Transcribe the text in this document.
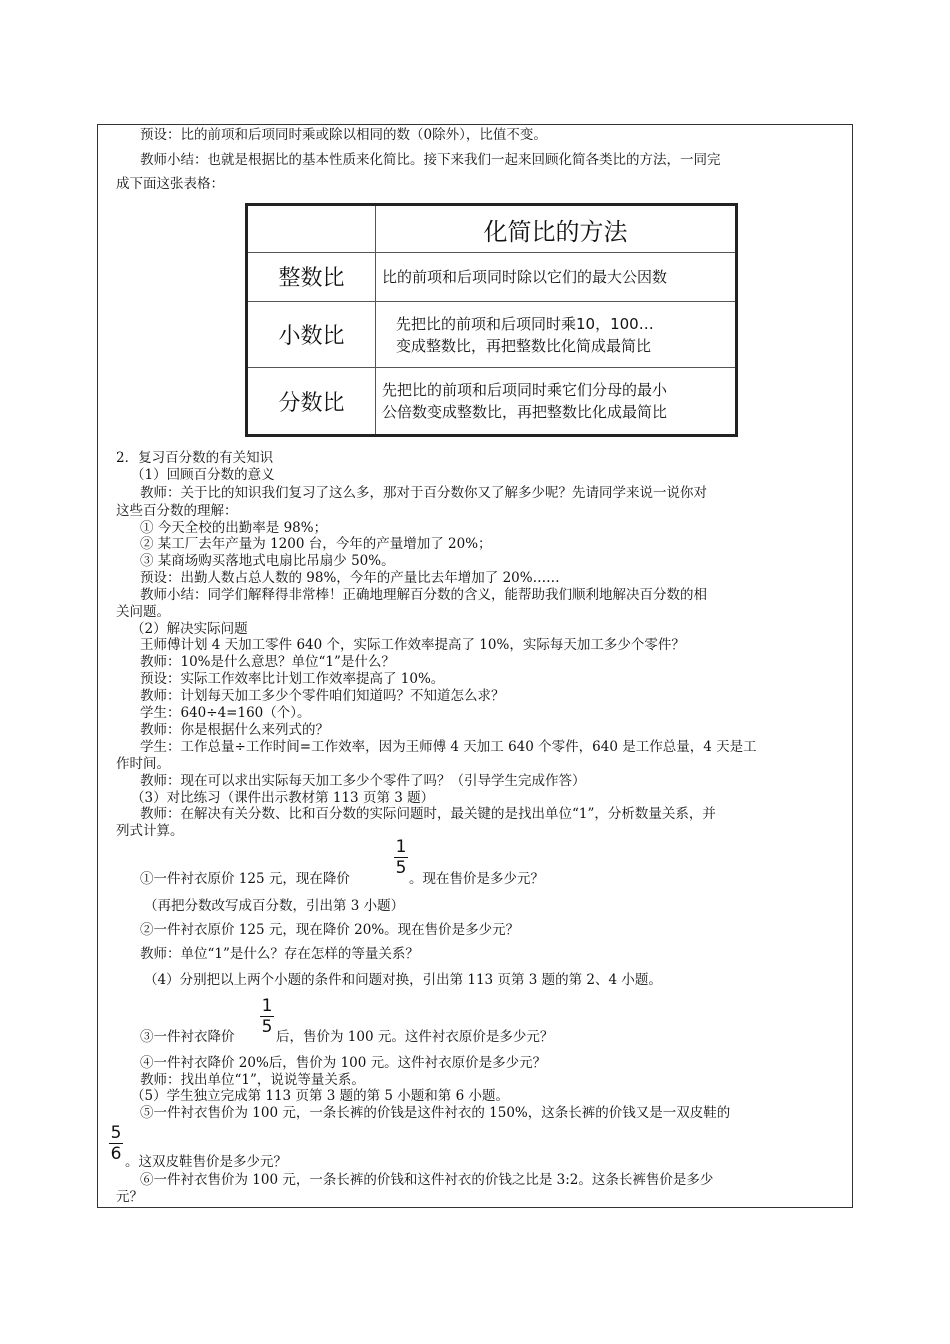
预设：比的前项和后项同时乘或除以相同的数（0除外），比值不变。
教师小结：也就是根据比的基本性质来化简比。接下来我们一起来回顾化简各类比的方法，一同完
成下面这张表格：
	化简比的方法
整数比	比的前项和后项同时除以它们的最大公因数
小数比	先把比的前项和后项同时乘10，100…
变成整数比，再把整数比化简成最简比
分数比	先把比的前项和后项同时乘它们分母的最小
公倍数变成整数比，再把整数比化成最简比
2．复习百分数的有关知识
（1）回顾百分数的意义
教师：关于比的知识我们复习了这么多，那对于百分数你又了解多少呢？先请同学来说一说你对
这些百分数的理解：
① 今天全校的出勤率是 98%；
② 某工厂去年产量为 1200 台，今年的产量增加了 20%；
③ 某商场购买落地式电扇比吊扇少 50%。
预设：出勤人数占总人数的 98%，今年的产量比去年增加了 20%……
教师小结：同学们解释得非常棒！正确地理解百分数的含义，能帮助我们顺利地解决百分数的相
关问题。
（2）解决实际问题
王师傅计划 4 天加工零件 640 个，实际工作效率提高了 10%，实际每天加工多少个零件？
教师：10%是什么意思？单位“1”是什么？
预设：实际工作效率比计划工作效率提高了 10%。
教师：计划每天加工多少个零件咱们知道吗？不知道怎么求？
学生：640÷4=160（个）。
教师：你是根据什么来列式的？
学生：工作总量÷工作时间=工作效率，因为王师傅 4 天加工 640 个零件，640 是工作总量，4 天是工
作时间。
教师：现在可以求出实际每天加工多少个零件了吗？（引导学生完成作答）
（3）对比练习（课件出示教材第 113 页第 3 题）
教师：在解决有关分数、比和百分数的实际问题时，最关键的是找出单位“1”，分析数量关系，并
列式计算。
①一件衬衣原价 125 元，现在降价
1
5
。现在售价是多少元？
（再把分数改写成百分数，引出第 3 小题）
②一件衬衣原价 125 元，现在降价 20%。现在售价是多少元？
教师：单位“1”是什么？存在怎样的等量关系？
（4）分别把以上两个小题的条件和问题对换，引出第 113 页第 3 题的第 2、4 小题。
③一件衬衣降价
1
5 后，售价为 100 元。这件衬衣原价是多少元？
④一件衬衣降价 20%后，售价为 100 元。这件衬衣原价是多少元？
教师：找出单位“1”，说说等量关系。
（5）学生独立完成第 113 页第 3 题的第 5 小题和第 6 小题。
⑤一件衬衣售价为 100 元，一条长裤的价钱是这件衬衣的 150%，这条长裤的价钱又是一双皮鞋的
5
6 。这双皮鞋售价是多少元？
⑥一件衬衣售价为 100 元，一条长裤的价钱和这件衬衣的价钱之比是 3:2。这条长裤售价是多少
元？
